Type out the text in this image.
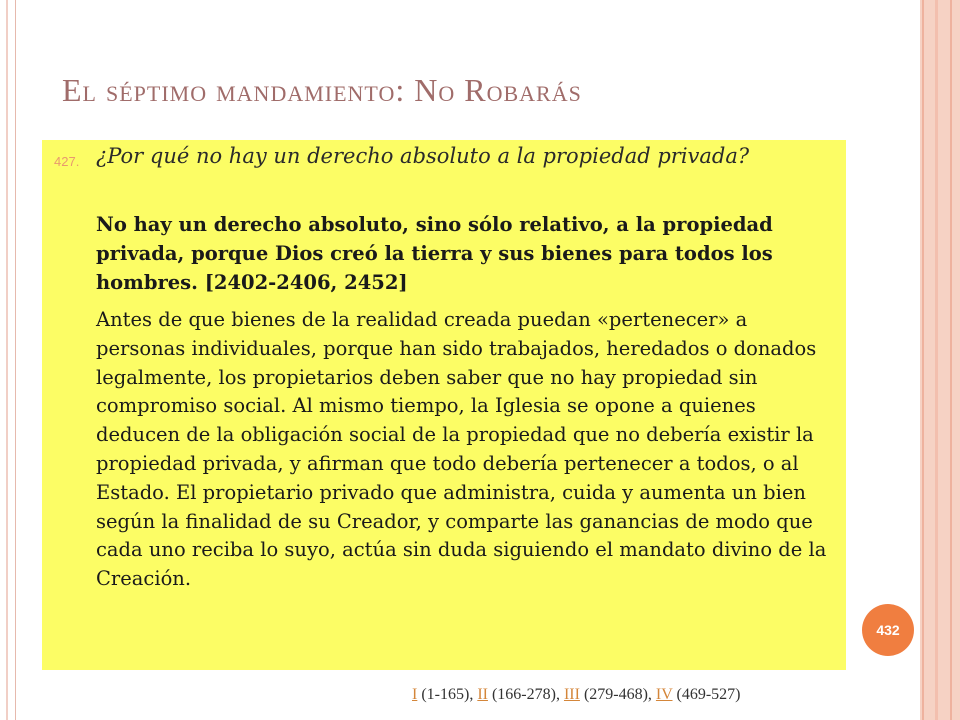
El séptimo mandamiento: No Robarás
427. ¿Por qué no hay un derecho absoluto a la propiedad privada?

No hay un derecho absoluto, sino sólo relativo, a la propiedad privada, porque Dios creó la tierra y sus bienes para todos los hombres. [2402-2406, 2452]

Antes de que bienes de la realidad creada puedan «pertenecer» a personas individuales, porque han sido trabajados, heredados o donados legalmente, los propietarios deben saber que no hay propiedad sin compromiso social. Al mismo tiempo, la Iglesia se opone a quienes deducen de la obligación social de la propiedad que no debería existir la propiedad privada, y afirman que todo debería pertenecer a todos, o al Estado. El propietario privado que administra, cuida y aumenta un bien según la finalidad de su Creador, y comparte las ganancias de modo que cada uno reciba lo suyo, actúa sin duda siguiendo el mandato divino de la Creación.

432
I (1-165), II (166-278), III (279-468), IV (469-527)
